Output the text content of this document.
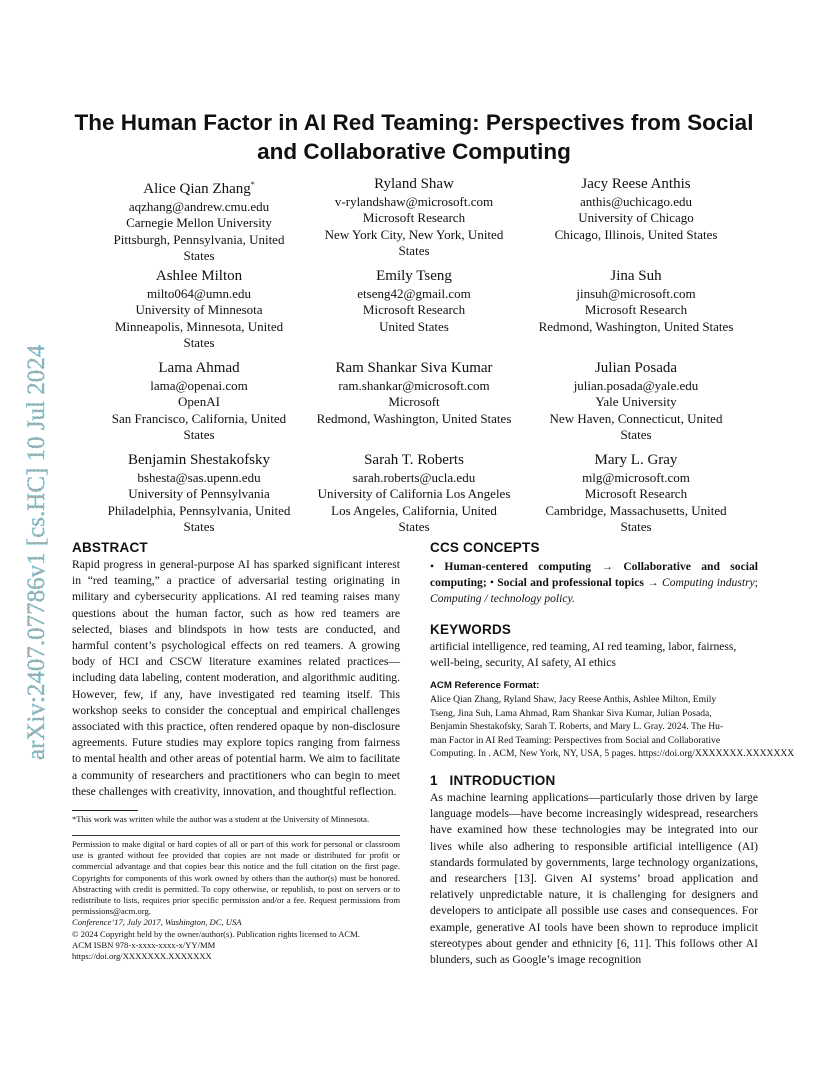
arXiv:2407.07786v1 [cs.HC] 10 Jul 2024
The Human Factor in AI Red Teaming: Perspectives from Social
and Collaborative Computing
Alice Qian Zhang*
aqzhang@andrew.cmu.edu
Carnegie Mellon University
Pittsburgh, Pennsylvania, United
States
Ryland Shaw
v-rylandshaw@microsoft.com
Microsoft Research
New York City, New York, United
States
Jacy Reese Anthis
anthis@uchicago.edu
University of Chicago
Chicago, Illinois, United States
Ashlee Milton
milto064@umn.edu
University of Minnesota
Minneapolis, Minnesota, United
States
Emily Tseng
etseng42@gmail.com
Microsoft Research
United States
Jina Suh
jinsuh@microsoft.com
Microsoft Research
Redmond, Washington, United States
Lama Ahmad
lama@openai.com
OpenAI
San Francisco, California, United
States
Ram Shankar Siva Kumar
ram.shankar@microsoft.com
Microsoft
Redmond, Washington, United States
Julian Posada
julian.posada@yale.edu
Yale University
New Haven, Connecticut, United
States
Benjamin Shestakofsky
bshesta@sas.upenn.edu
University of Pennsylvania
Philadelphia, Pennsylvania, United
States
Sarah T. Roberts
sarah.roberts@ucla.edu
University of California Los Angeles
Los Angeles, California, United
States
Mary L. Gray
mlg@microsoft.com
Microsoft Research
Cambridge, Massachusetts, United
States
ABSTRACT

Rapid progress in general-purpose AI has sparked significant interest in “red teaming,” a practice of adversarial testing originating in military and cybersecurity applications. AI red teaming raises many questions about the human factor, such as how red teamers are selected, biases and blindspots in how tests are conducted, and harmful content’s psychological effects on red teamers. A growing body of HCI and CSCW literature examines related practices—including data labeling, content moderation, and algorithmic auditing. However, few, if any, have investigated red teaming itself. This workshop seeks to consider the conceptual and empirical challenges associated with this practice, often rendered opaque by non-disclosure agreements. Future studies may explore topics ranging from fairness to mental health and other areas of potential harm. We aim to facilitate a community of researchers and practitioners who can begin to meet these challenges with creativity, innovation, and thoughtful reflection.

*This work was written while the author was a student at the University of Minnesota.
Permission to make digital or hard copies of all or part of this work for personal or classroom use is granted without fee provided that copies are not made or distributed for profit or commercial advantage and that copies bear this notice and the full citation on the first page. Copyrights for components of this work owned by others than the author(s) must be honored. Abstracting with credit is permitted. To copy otherwise, or republish, to post on servers or to redistribute to lists, requires prior specific permission and/or a fee. Request permissions from permissions@acm.org.
Conference’17, July 2017, Washington, DC, USA
© 2024 Copyright held by the owner/author(s). Publication rights licensed to ACM.
ACM ISBN 978-x-xxxx-xxxx-x/YY/MM
https://doi.org/XXXXXXX.XXXXXXX
CCS CONCEPTS
• Human-centered computing → Collaborative and social computing; • Social and professional topics → Computing industry; Computing / technology policy.
KEYWORDS

artificial intelligence, red teaming, AI red teaming, labor, fairness, well-being, security, AI safety, AI ethics

ACM Reference Format:
Alice Qian Zhang, Ryland Shaw, Jacy Reese Anthis, Ashlee Milton, Emily
Tseng, Jina Suh, Lama Ahmad, Ram Shankar Siva Kumar, Julian Posada,
Benjamin Shestakofsky, Sarah T. Roberts, and Mary L. Gray. 2024. The Hu-
man Factor in AI Red Teaming: Perspectives from Social and Collaborative
Computing. In . ACM, New York, NY, USA, 5 pages. https://doi.org/XXXXXXX.XXXXXXX
1   INTRODUCTION

As machine learning applications—particularly those driven by large language models—have become increasingly widespread, researchers have examined how these technologies may be integrated into our lives while also adhering to responsible artificial intelligence (AI) standards formulated by governments, large technology organizations, and researchers [13]. Given AI systems’ broad application and relatively unpredictable nature, it is challenging for designers and developers to anticipate all possible use cases and consequences. For example, generative AI tools have been shown to reproduce implicit stereotypes about gender and ethnicity [6, 11]. This follows other AI blunders, such as Google’s image recognition
